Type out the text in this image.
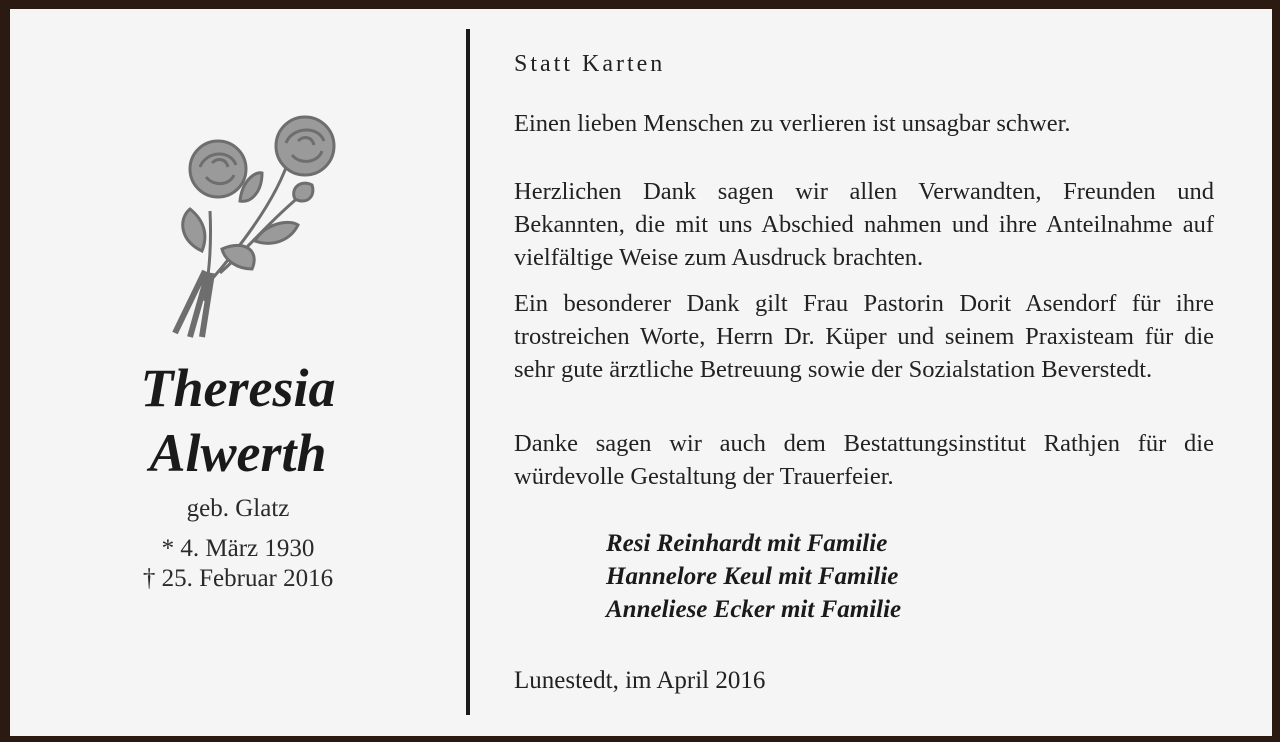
Theresia
Alwerth
geb. Glatz
* 4. März 1930
† 25. Februar 2016
Statt Karten
Einen lieben Menschen zu verlieren ist unsagbar schwer.
Herzlichen Dank sagen wir allen Verwandten, Freunden und Bekannten, die mit uns Abschied nahmen und ihre Anteilnahme auf vielfältige Weise zum Ausdruck brachten.
Ein besonderer Dank gilt Frau Pastorin Dorit Asendorf für ihre trostreichen Worte, Herrn Dr. Küper und seinem Praxisteam für die sehr gute ärztliche Betreuung sowie der Sozialstation Beverstedt.
Danke sagen wir auch dem Bestattungsinstitut Rathjen für die würdevolle Gestaltung der Trauerfeier.
Resi Reinhardt mit Familie
Hannelore Keul mit Familie
Anneliese Ecker mit Familie
Lunestedt, im April 2016
